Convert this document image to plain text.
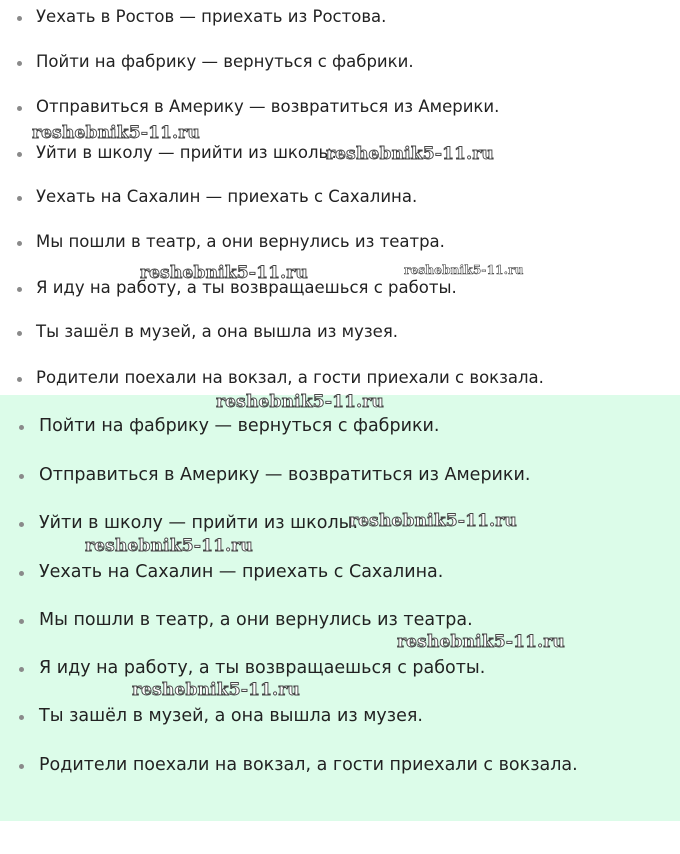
Уехать в Ростов — приехать из Ростова.
Пойти на фабрику — вернуться с фабрики.
Отправиться в Америку — возвратиться из Америки.
Уйти в школу — прийти из школы.
Уехать на Сахалин — приехать с Сахалина.
Мы пошли в театр, а они вернулись из театра.
Я иду на работу, а ты возвращаешься с работы.
Ты зашёл в музей, а она вышла из музея.
Родители поехали на вокзал, а гости приехали с вокзала.
Пойти на фабрику — вернуться с фабрики.
Отправиться в Америку — возвратиться из Америки.
Уйти в школу — прийти из школы.
Уехать на Сахалин — приехать с Сахалина.
Мы пошли в театр, а они вернулись из театра.
Я иду на работу, а ты возвращаешься с работы.
Ты зашёл в музей, а она вышла из музея.
Родители поехали на вокзал, а гости приехали с вокзала.
reshebnik5-11.ru
reshebnik5-11.ru
reshebnik5-11.ru	reshebnik5-11.ru
reshebnik5-11.ru
reshebnik5-11.ru
reshebnik5-11.ru
reshebnik5-11.ru
reshebnik5-11.ru
